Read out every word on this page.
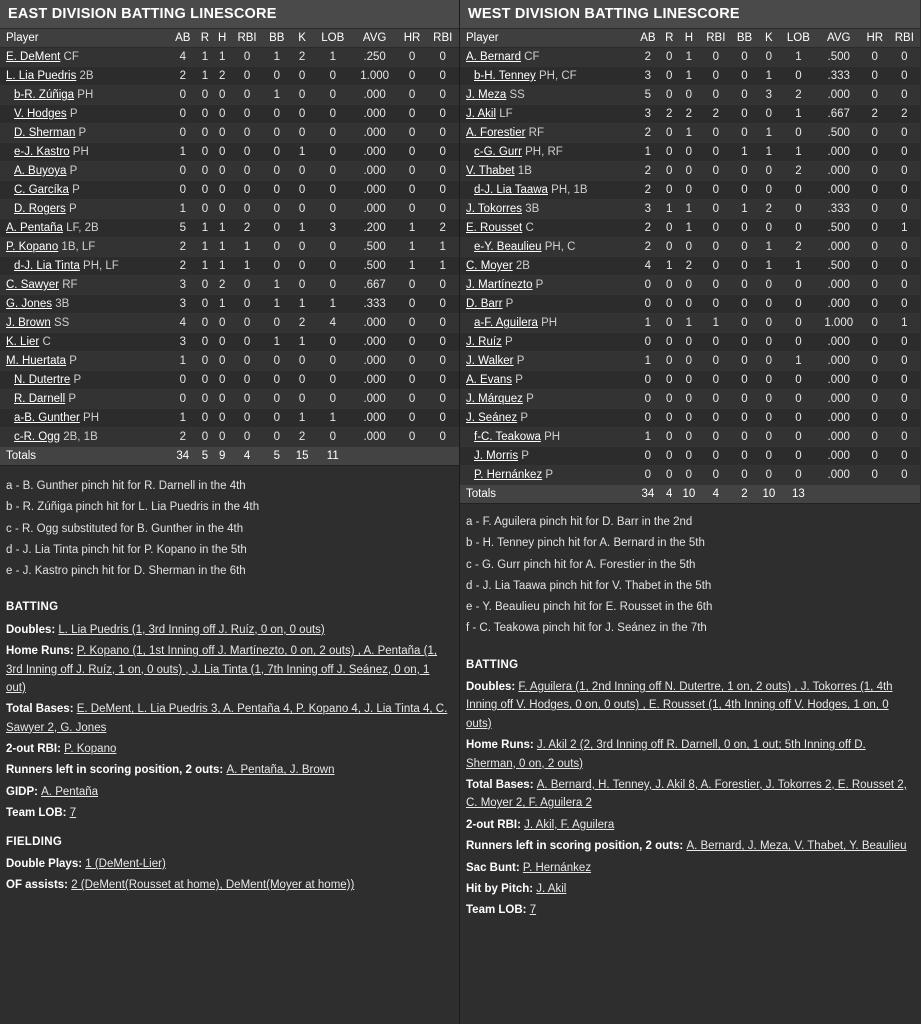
EAST DIVISION BATTING LINESCORE
Player	AB	R	H	RBI	BB	K	LOB	AVG	HR	RBI
E. DeMent CF	4	1	1	0	1	2	1	.250	0	0
L. Lia Puedris 2B	2	1	2	0	0	0	0	1.000	0	0
b-R. Zúñiga PH	0	0	0	0	1	0	0	.000	0	0
V. Hodges P	0	0	0	0	0	0	0	.000	0	0
D. Sherman P	0	0	0	0	0	0	0	.000	0	0
e-J. Kastro PH	1	0	0	0	0	1	0	.000	0	0
A. Buyoya P	0	0	0	0	0	0	0	.000	0	0
C. Garcíka P	0	0	0	0	0	0	0	.000	0	0
D. Rogers P	1	0	0	0	0	0	0	.000	0	0
A. Pentaña LF, 2B	5	1	1	2	0	1	3	.200	1	2
P. Kopano 1B, LF	2	1	1	1	0	0	0	.500	1	1
d-J. Lia Tinta PH, LF	2	1	1	1	0	0	0	.500	1	1
C. Sawyer RF	3	0	2	0	1	0	0	.667	0	0
G. Jones 3B	3	0	1	0	1	1	1	.333	0	0
J. Brown SS	4	0	0	0	0	2	4	.000	0	0
K. Lier C	3	0	0	0	1	1	0	.000	0	0
M. Huertata P	1	0	0	0	0	0	0	.000	0	0
N. Dutertre P	0	0	0	0	0	0	0	.000	0	0
R. Darnell P	0	0	0	0	0	0	0	.000	0	0
a-B. Gunther PH	1	0	0	0	0	1	1	.000	0	0
c-R. Ogg 2B, 1B	2	0	0	0	0	2	0	.000	0	0
Totals	34	5	9	4	5	15	11			
a - B. Gunther pinch hit for R. Darnell in the 4th
b - R. Zúñiga pinch hit for L. Lia Puedris in the 4th
c - R. Ogg substituted for B. Gunther in the 4th
d - J. Lia Tinta pinch hit for P. Kopano in the 5th
e - J. Kastro pinch hit for D. Sherman in the 6th
BATTING
Doubles: L. Lia Puedris (1, 3rd Inning off J. Ruíz, 0 on, 0 outs)
Home Runs: P. Kopano (1, 1st Inning off J. Martínezto, 0 on, 2 outs) , A. Pentaña (1, 3rd Inning off J. Ruíz, 1 on, 0 outs) , J. Lia Tinta (1, 7th Inning off J. Seánez, 0 on, 1 out)
Total Bases: E. DeMent, L. Lia Puedris 3, A. Pentaña 4, P. Kopano 4, J. Lia Tinta 4, C. Sawyer 2, G. Jones
2-out RBI: P. Kopano
Runners left in scoring position, 2 outs: A. Pentaña, J. Brown
GIDP: A. Pentaña
Team LOB: 7
FIELDING
Double Plays: 1 (DeMent-Lier)
OF assists: 2 (DeMent(Rousset at home), DeMent(Moyer at home))
WEST DIVISION BATTING LINESCORE
Player	AB	R	H	RBI	BB	K	LOB	AVG	HR	RBI
A. Bernard CF	2	0	1	0	0	0	1	.500	0	0
b-H. Tenney PH, CF	3	0	1	0	0	1	0	.333	0	0
J. Meza SS	5	0	0	0	0	3	2	.000	0	0
J. Akil LF	3	2	2	2	0	0	1	.667	2	2
A. Forestier RF	2	0	1	0	0	1	0	.500	0	0
c-G. Gurr PH, RF	1	0	0	0	1	1	1	.000	0	0
V. Thabet 1B	2	0	0	0	0	0	2	.000	0	0
d-J. Lia Taawa PH, 1B	2	0	0	0	0	0	0	.000	0	0
J. Tokorres 3B	3	1	1	0	1	2	0	.333	0	0
E. Rousset C	2	0	1	0	0	0	0	.500	0	1
e-Y. Beaulieu PH, C	2	0	0	0	0	1	2	.000	0	0
C. Moyer 2B	4	1	2	0	0	1	1	.500	0	0
J. Martínezto P	0	0	0	0	0	0	0	.000	0	0
D. Barr P	0	0	0	0	0	0	0	.000	0	0
a-F. Aguilera PH	1	0	1	1	0	0	0	1.000	0	1
J. Ruíz P	0	0	0	0	0	0	0	.000	0	0
J. Walker P	1	0	0	0	0	0	1	.000	0	0
A. Evans P	0	0	0	0	0	0	0	.000	0	0
J. Márquez P	0	0	0	0	0	0	0	.000	0	0
J. Seánez P	0	0	0	0	0	0	0	.000	0	0
f-C. Teakowa PH	1	0	0	0	0	0	0	.000	0	0
J. Morris P	0	0	0	0	0	0	0	.000	0	0
P. Hernánkez P	0	0	0	0	0	0	0	.000	0	0
Totals	34	4	10	4	2	10	13			
a - F. Aguilera pinch hit for D. Barr in the 2nd
b - H. Tenney pinch hit for A. Bernard in the 5th
c - G. Gurr pinch hit for A. Forestier in the 5th
d - J. Lia Taawa pinch hit for V. Thabet in the 5th
e - Y. Beaulieu pinch hit for E. Rousset in the 6th
f - C. Teakowa pinch hit for J. Seánez in the 7th
BATTING
Doubles: F. Aguilera (1, 2nd Inning off N. Dutertre, 1 on, 2 outs) , J. Tokorres (1, 4th Inning off V. Hodges, 0 on, 0 outs) , E. Rousset (1, 4th Inning off V. Hodges, 1 on, 0 outs)
Home Runs: J. Akil 2 (2, 3rd Inning off R. Darnell, 0 on, 1 out; 5th Inning off D. Sherman, 0 on, 2 outs)
Total Bases: A. Bernard, H. Tenney, J. Akil 8, A. Forestier, J. Tokorres 2, E. Rousset 2, C. Moyer 2, F. Aguilera 2
2-out RBI: J. Akil, F. Aguilera
Runners left in scoring position, 2 outs: A. Bernard, J. Meza, V. Thabet, Y. Beaulieu
Sac Bunt: P. Hernánkez
Hit by Pitch: J. Akil
Team LOB: 7
